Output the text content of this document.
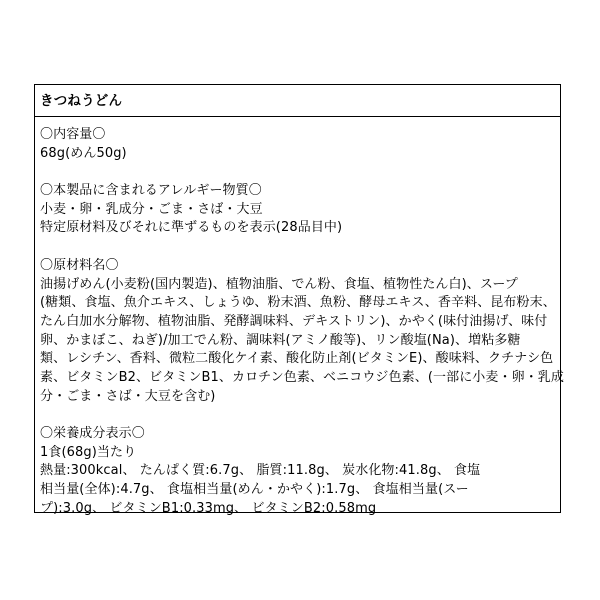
きつねうどん
〇内容量〇
68g(めん50g)
〇本製品に含まれるアレルギー物質〇
小麦・卵・乳成分・ごま・さば・大豆
特定原材料及びそれに準ずるものを表示(28品目中)
〇原材料名〇
油揚げめん(小麦粉(国内製造)、植物油脂、でん粉、食塩、植物性たん白)、スープ
(糖類、食塩、魚介エキス、しょうゆ、粉末酒、魚粉、酵母エキス、香辛料、昆布粉末、
たん白加水分解物、植物油脂、発酵調味料、デキストリン)、かやく(味付油揚げ、味付
卵、かまぼこ、ねぎ)/加工でん粉、調味料(アミノ酸等)、リン酸塩(Na)、増粘多糖
類、レシチン、香料、微粒二酸化ケイ素、酸化防止剤(ビタミンE)、酸味料、クチナシ色
素、ビタミンB2、ビタミンB1、カロチン色素、ベニコウジ色素、(一部に小麦・卵・乳成
分・ごま・さば・大豆を含む)
〇栄養成分表示〇
1食(68g)当たり
熱量:300kcal、 たんぱく質:6.7g、 脂質:11.8g、 炭水化物:41.8g、 食塩
相当量(全体):4.7g、 食塩相当量(めん・かやく):1.7g、 食塩相当量(スー
プ):3.0g、 ビタミンB1:0.33mg、 ビタミンB2:0.58mg
